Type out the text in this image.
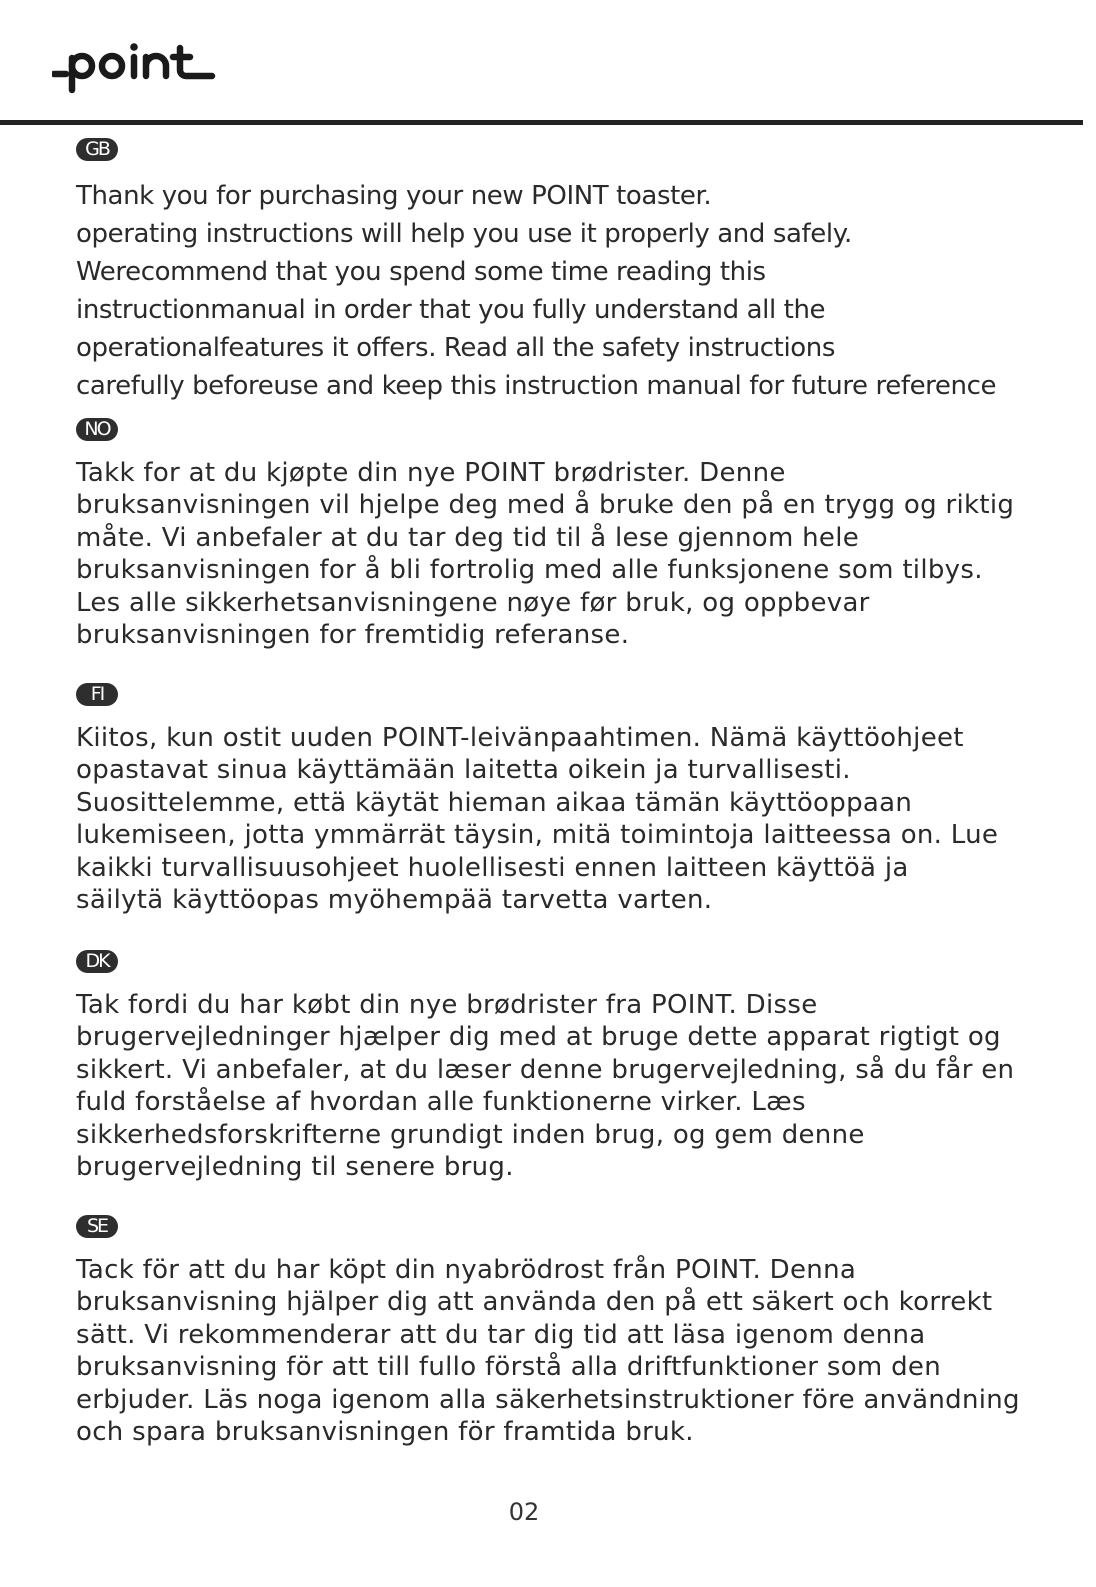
GB

Thank you for purchasing your new POINT toaster.
operating instructions will help you use it properly and safely.
Werecommend that you spend some time reading this
instructionmanual in order that you fully understand all the
operationalfeatures it offers. Read all the safety instructions
carefully beforeuse and keep this instruction manual for future reference

NO

Takk for at du kjøpte din nye POINT brødrister. Denne
bruksanvisningen vil hjelpe deg med å bruke den på en trygg og riktig
måte. Vi anbefaler at du tar deg tid til å lese gjennom hele
bruksanvisningen for å bli fortrolig med alle funksjonene som tilbys.
Les alle sikkerhetsanvisningene nøye før bruk, og oppbevar
bruksanvisningen for fremtidig referanse.

FI

Kiitos, kun ostit uuden POINT-leivänpaahtimen. Nämä käyttöohjeet
opastavat sinua käyttämään laitetta oikein ja turvallisesti.
Suosittelemme, että käytät hieman aikaa tämän käyttöoppaan
lukemiseen, jotta ymmärrät täysin, mitä toimintoja laitteessa on. Lue
kaikki turvallisuusohjeet huolellisesti ennen laitteen käyttöä ja
säilytä käyttöopas myöhempää tarvetta varten.

DK

Tak fordi du har købt din nye brødrister fra POINT. Disse
brugervejledninger hjælper dig med at bruge dette apparat rigtigt og
sikkert. Vi anbefaler, at du læser denne brugervejledning, så du får en
fuld forståelse af hvordan alle funktionerne virker. Læs
sikkerhedsforskrifterne grundigt inden brug, og gem denne
brugervejledning til senere brug.

SE

Tack för att du har köpt din nyabrödrost från POINT. Denna
bruksanvisning hjälper dig att använda den på ett säkert och korrekt
sätt. Vi rekommenderar att du tar dig tid att läsa igenom denna
bruksanvisning för att till fullo förstå alla driftfunktioner som den
erbjuder. Läs noga igenom alla säkerhetsinstruktioner före användning
och spara bruksanvisningen för framtida bruk.

02
